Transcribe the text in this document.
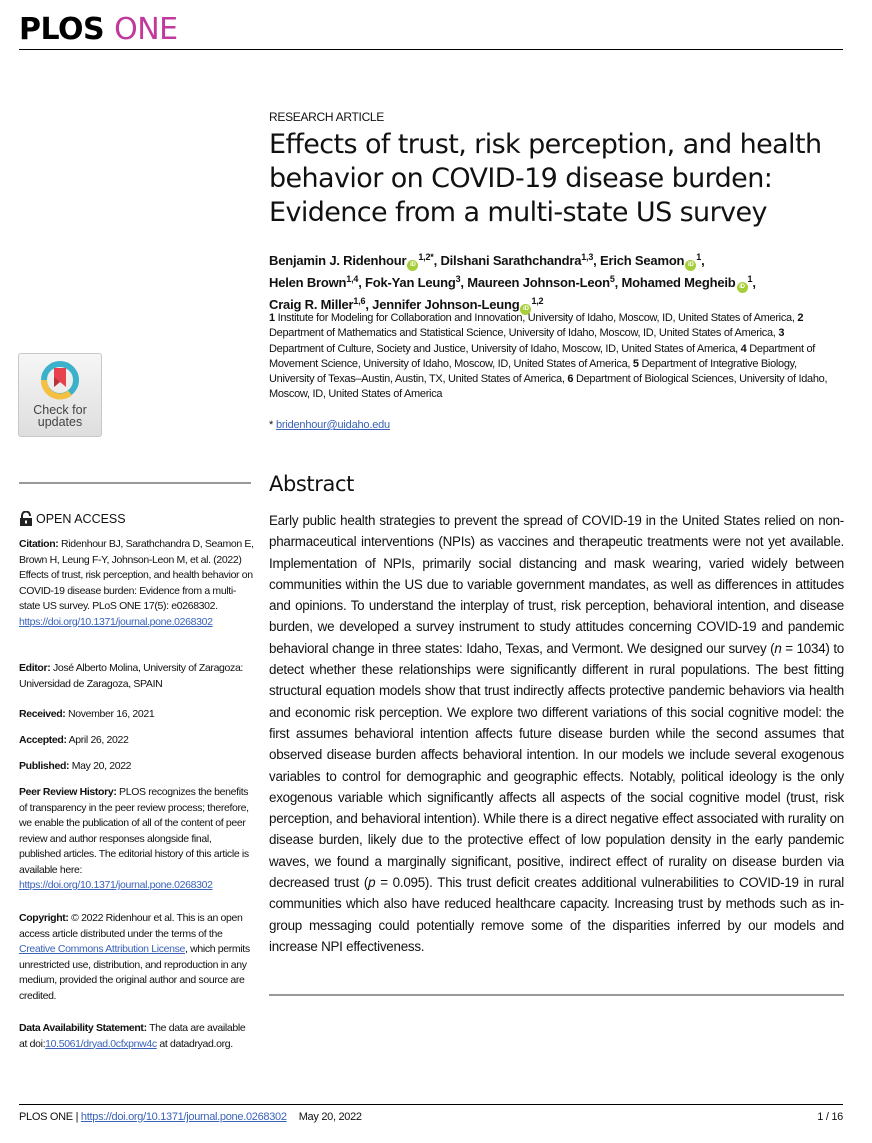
PLOS ONE
RESEARCH ARTICLE
Effects of trust, risk perception, and health behavior on COVID-19 disease burden: Evidence from a multi-state US survey
Benjamin J. Ridenhour $iD^{1,2*}$, Dilshani Sarathchandra$^{1,3}$, Erich Seamon $iD^1$,
Helen Brown$^{1,4}$, Fok-Yan Leung$^3$, Maureen Johnson-Leon$^5$, Mohamed Megheib $iD^1$,
Craig R. Miller$^{1,6}$, Jennifer Johnson-Leung iD$^{1,2}$
1 Institute for Modeling for Collaboration and Innovation, University of Idaho, Moscow, ID, United States of America, 2 Department of Mathematics and Statistical Science, University of Idaho, Moscow, ID, United States of America, 3 Department of Culture, Society and Justice, University of Idaho, Moscow, ID, United States of America, 4 Department of Movement Science, University of Idaho, Moscow, ID, United States of America, 5 Department of Integrative Biology, University of Texas–Austin, Austin, TX, United States of America, 6 Department of Biological Sciences, University of Idaho, Moscow, ID, United States of America
* bridenhour@uidaho.edu
Check for
updates
OPEN ACCESS
Citation: Ridenhour BJ, Sarathchandra D, Seamon E, Brown H, Leung F-Y, Johnson-Leon M, et al. (2022) Effects of trust, risk perception, and health behavior on COVID-19 disease burden: Evidence from a multi-state US survey. PLoS ONE 17(5): e0268302. https://doi.org/10.1371/journal.pone.0268302
Editor: José Alberto Molina, University of Zaragoza: Universidad de Zaragoza, SPAIN
Received: November 16, 2021
Accepted: April 26, 2022
Published: May 20, 2022
Peer Review History: PLOS recognizes the benefits of transparency in the peer review process; therefore, we enable the publication of all of the content of peer review and author responses alongside final, published articles. The editorial history of this article is available here: https://doi.org/10.1371/journal.pone.0268302
Copyright: © 2022 Ridenhour et al. This is an open access article distributed under the terms of the Creative Commons Attribution License, which permits unrestricted use, distribution, and reproduction in any medium, provided the original author and source are credited.
Data Availability Statement: The data are available at doi:10.5061/dryad.0cfxpnw4c at datadryad.org.
Abstract
Early public health strategies to prevent the spread of COVID-19 in the United States relied on non-pharmaceutical interventions (NPIs) as vaccines and therapeutic treatments were not yet available. Implementation of NPIs, primarily social distancing and mask wearing, varied widely between communities within the US due to variable government mandates, as well as differences in attitudes and opinions. To understand the interplay of trust, risk perception, behavioral intention, and disease burden, we developed a survey instrument to study attitudes concerning COVID-19 and pandemic behavioral change in three states: Idaho, Texas, and Vermont. We designed our survey (n = 1034) to detect whether these relationships were significantly different in rural populations. The best fitting structural equation models show that trust indirectly affects protective pandemic behaviors via health and economic risk perception. We explore two different variations of this social cognitive model: the first assumes behavioral intention affects future disease burden while the second assumes that observed disease burden affects behavioral intention. In our models we include several exogenous variables to control for demographic and geographic effects. Notably, political ideology is the only exogenous variable which significantly affects all aspects of the social cognitive model (trust, risk perception, and behavioral intention). While there is a direct negative effect associated with rurality on disease burden, likely due to the protective effect of low population density in the early pandemic waves, we found a marginally significant, positive, indirect effect of rurality on disease burden via decreased trust (p = 0.095). This trust deficit creates additional vulnerabilities to COVID-19 in rural communities which also have reduced healthcare capacity. Increasing trust by methods such as in-group messaging could potentially remove some of the disparities inferred by our models and increase NPI effectiveness.
PLOS ONE |
https://doi.org/10.1371/journal.pone.0268302 May 20, 2022	1 / 16
